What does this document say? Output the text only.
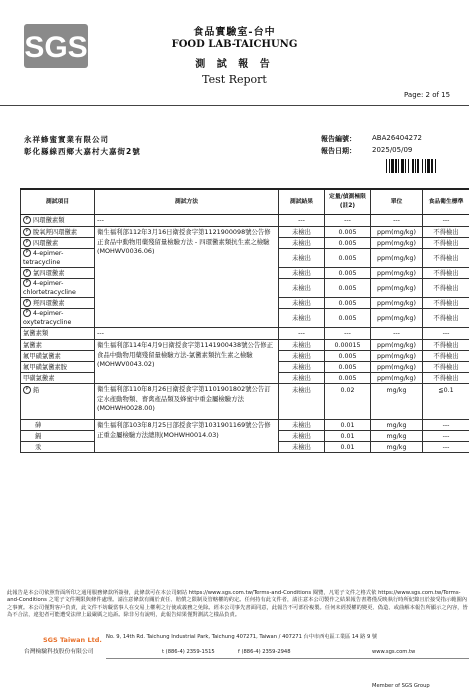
SGS	食品實驗室-台中
FOOD LAB-TAICHUNG
測 試 報 告
Test Report
Page: 2 of 15
永祥蜂蜜實業有限公司
彰化縣線西鄉大嘉村大嘉街2號
報告編號： ABA26404272
報告日期： 2025/05/09
測試項目	測試方法	測試結果	定量/偵測極限(註2)	單位	食品衛生標準
P 四環黴素類	---	---	---	---	---
P 脫氧羥四環黴素	衛生福利部112年3月16日衛授食字第1121900098號公告修正食品中動物用藥殘留量檢驗方法 - 四環黴素類抗生素之檢驗(MOHWV0036.06)	未檢出	0.005	ppm(mg/kg)	不得檢出
P 四環黴素		未檢出	0.005	ppm(mg/kg)	不得檢出
P 4-epimer-tetracycline		未檢出	0.005	ppm(mg/kg)	不得檢出
P 氯四環黴素		未檢出	0.005	ppm(mg/kg)	不得檢出
P 4-epimer-chlortetracycline		未檢出	0.005	ppm(mg/kg)	不得檢出
P 羥四環黴素		未檢出	0.005	ppm(mg/kg)	不得檢出
P 4-epimer-oxytetracycline		未檢出	0.005	ppm(mg/kg)	不得檢出
氯黴素類	---	---	---	---	---
氯黴素	衛生福利部114年4月9日衛授食字第1141900438號公告修正食品中動物用藥殘留量檢驗方法-氯黴素類抗生素之檢驗(MOHWV0043.02)	未檢出	0.00015	ppm(mg/kg)	不得檢出
氟甲磺氯黴素		未檢出	0.005	ppm(mg/kg)	不得檢出
氟甲磺氯黴素胺		未檢出	0.005	ppm(mg/kg)	不得檢出
甲磺氯黴素		未檢出	0.005	ppm(mg/kg)	不得檢出
P 鉛	衛生福利部110年8月26日衛授食字第1101901802號公告訂定水產動物類、畜禽產品類及蜂蜜中重金屬檢驗方法(MOHWH0028.00)	未檢出	0.02	mg/kg	≦0.1
砷	衛生福利部103年8月25日部授食字第1031901169號公告修正重金屬檢驗方法總則(MOHWH0014.03)	未檢出	0.01	mg/kg	---
鎘		未檢出	0.01	mg/kg	---
汞		未檢出	0.01	mg/kg	---
此報告是本公司依照背面所印之通用服務條款所簽發，此條款可在本公司網站 https://www.sgs.com.tw/Terms-and-Conditions 閱覽，凡電子文件之格式依 https://www.sgs.com.tw/Terms-and-Conditions 之電子文件期限與條件處理。請注意條款有關於責任、賠償之限制及管轄權的約定。任何持有此文件者，請注意本公司製作之結果報告書將僅反映執行時所紀錄且於接受指示範圍內之事實。本公司僅對客戶負責，此文件不妨礙當事人在交易上權利之行使或義務之免除。經本公司事先書面同意，此報告不可部份複製。任何未經授權的變更、偽造、或曲解本報告所顯示之內容，皆為不合法，違犯者可能遭受法律上最嚴厲之追訴。除非另有說明，此報告結果僅對測試之樣品負責。
SGS Taiwan Ltd.
台灣檢驗科技股份有限公司
No. 9, 14th Rd. Taichung Industrial Park, Taichung 407271, Taiwan / 407271 台中市西屯區工業區 14 路 9 號
t (886-4) 2359-1515	f (886-4) 2359-2948	www.sgs.com.tw
Member of SGS Group
